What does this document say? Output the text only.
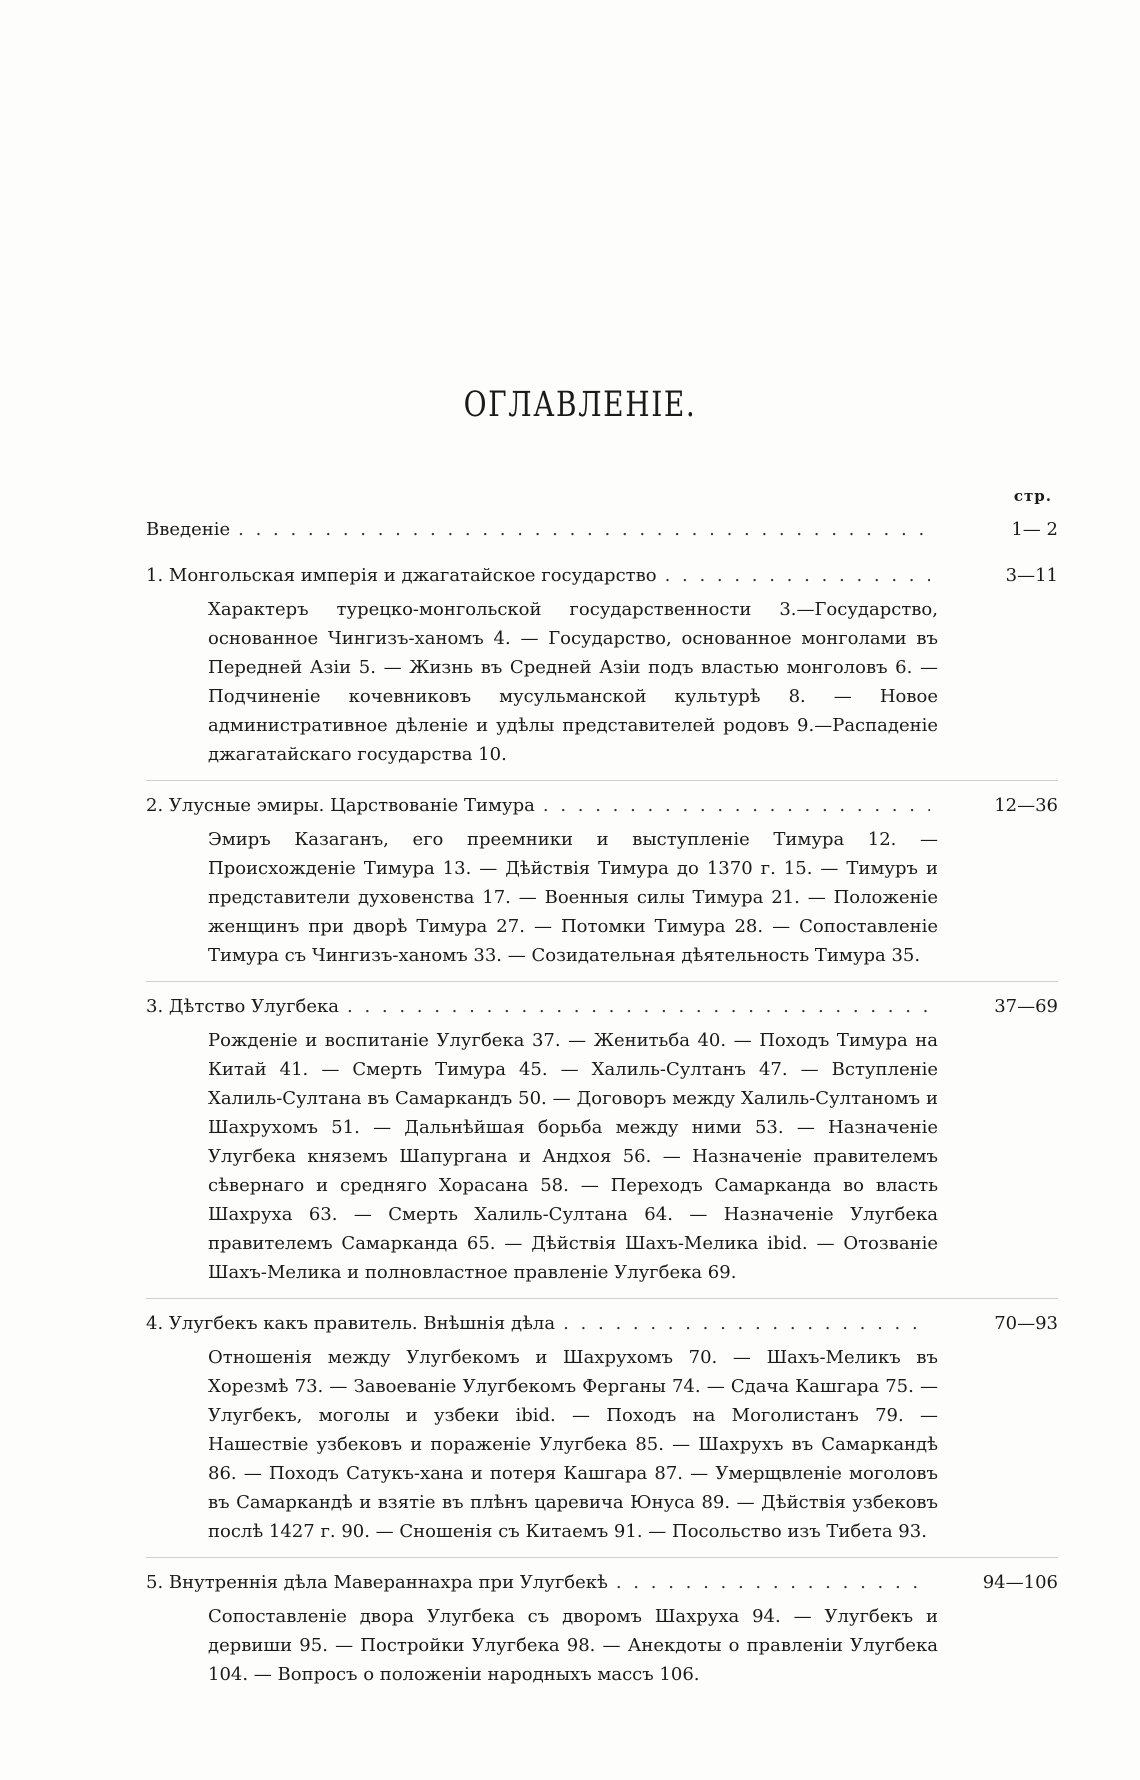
ОГЛАВЛЕНІЕ.
стр.
Введеніе . . .	1— 2
1. Монгольская имперія и джагатайское государство . . .	3—11
Характеръ турецко-монгольской государственности 3.—Государство, основанное Чингизъ-ханомъ 4. — Государство, основанное монголами въ Передней Азіи 5. — Жизнь въ Средней Азіи подъ властью монголовъ 6. — Подчиненіе кочевниковъ мусульманской культурѣ 8. — Новое административное дѣленіе и удѣлы представителей родовъ 9.—Распаденіе джагатайскаго государства 10.
2. Улусные эмиры. Царствованіе Тимура . . .	12—36
Эмиръ Казаганъ, его преемники и выступленіе Тимура 12. — Происхожденіе Тимура 13. — Дѣйствія Тимура до 1370 г. 15. — Тимуръ и представители духовенства 17. — Военныя силы Тимура 21. — Положеніе женщинъ при дворѣ Тимура 27. — Потомки Тимура 28. — Сопоставленіе Тимура съ Чингизъ-ханомъ 33. — Созидательная дѣятельность Тимура 35.
3. Дѣтство Улугбека . . .	37—69
Рожденіе и воспитаніе Улугбека 37. — Женитьба 40. — Походъ Тимура на Китай 41. — Смерть Тимура 45. — Халиль-Султанъ 47. — Вступленіе Халиль-Султана въ Самаркандъ 50. — Договоръ между Халиль-Султаномъ и Шахрухомъ 51. — Дальнѣйшая борьба между ними 53. — Назначеніе Улугбека княземъ Шапургана и Андхоя 56. — Назначеніе правителемъ сѣвернаго и средняго Хорасана 58. — Переходъ Самарканда во власть Шахруха 63. — Смерть Халиль-Султана 64. — Назначеніе Улугбека правителемъ Самарканда 65. — Дѣйствія Шахъ-Мелика ibid. — Отозваніе Шахъ-Мелика и полновластное правленіе Улугбека 69.
4. Улугбекъ какъ правитель. Внѣшнія дѣла . . .	70—93
Отношенія между Улугбекомъ и Шахрухомъ 70. — Шахъ-Меликъ въ Хорезмѣ 73. — Завоеваніе Улугбекомъ Ферганы 74. — Сдача Кашгара 75. — Улугбекъ, моголы и узбеки ibid. — Походъ на Моголистанъ 79. — Нашествіе узбековъ и пораженіе Улугбека 85. — Шахрухъ въ Самаркандѣ 86. — Походъ Сатукъ-хана и потеря Кашгара 87. — Умерщвленіе моголовъ въ Самаркандѣ и взятіе въ плѣнъ царевича Юнуса 89. — Дѣйствія узбековъ послѣ 1427 г. 90. — Сношенія съ Китаемъ 91. — Посольство изъ Тибета 93.
5. Внутреннія дѣла Мавераннахра при Улугбекѣ . . .	94—106
Сопоставленіе двора Улугбека съ дворомъ Шахруха 94. — Улугбекъ и дервиши 95. — Постройки Улугбека 98. — Анекдоты о правленіи Улугбека 104. — Вопросъ о положеніи народныхъ массъ 106.
